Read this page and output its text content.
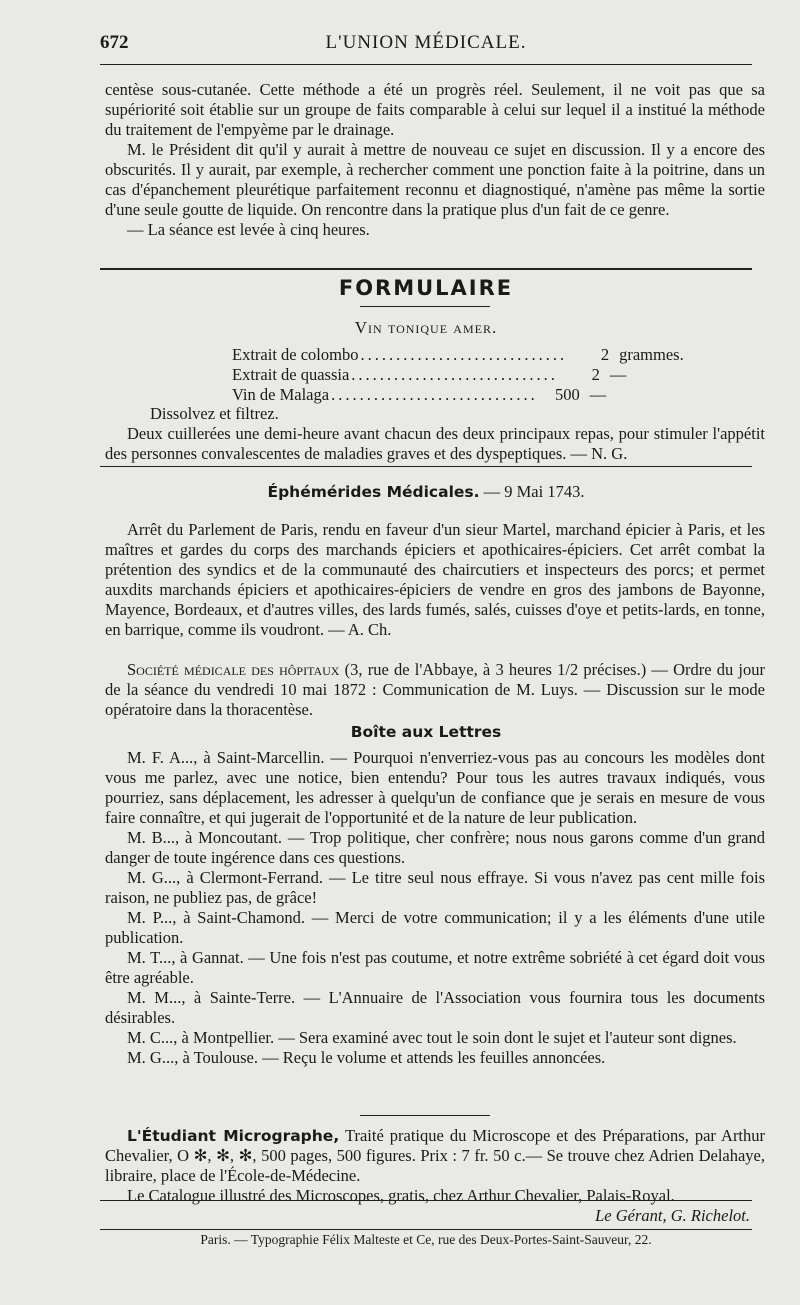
672	L'UNION MÉDICALE.

centèse sous-cutanée. Cette méthode a été un progrès réel. Seulement, il ne voit pas que sa supériorité soit établie sur un groupe de faits comparable à celui sur lequel il a institué la méthode du traitement de l'empyème par le drainage.

M. le Président dit qu'il y aurait à mettre de nouveau ce sujet en discussion. Il y a encore des obscurités. Il y aurait, par exemple, à rechercher comment une ponction faite à la poitrine, dans un cas d'épanchement pleurétique parfaitement reconnu et diagnostiqué, n'amène pas même la sortie d'une seule goutte de liquide. On rencontre dans la pratique plus d'un fait de ce genre.

— La séance est levée à cinq heures.

FORMULAIRE
Vin tonique amer.
Extrait de colombo .............................	2 grammes.
Extrait de quassia .............................	2 —
Vin de Malaga .............................	500 —

Dissolvez et filtrez.

Deux cuillerées une demi-heure avant chacun des deux principaux repas, pour stimuler l'appétit des personnes convalescentes de maladies graves et des dyspeptiques. — N. G.

Éphémérides Médicales. — 9 Mai 1743.

Arrêt du Parlement de Paris, rendu en faveur d'un sieur Martel, marchand épicier à Paris, et les maîtres et gardes du corps des marchands épiciers et apothicaires-épiciers. Cet arrêt combat la prétention des syndics et de la communauté des chaircutiers et inspecteurs des porcs; et permet auxdits marchands épiciers et apothicaires-épiciers de vendre en gros des jambons de Bayonne, Mayence, Bordeaux, et d'autres villes, des lards fumés, salés, cuisses d'oye et petits-lards, en tonne, en barrique, comme ils voudront. — A. Ch.

Société médicale des hôpitaux (3, rue de l'Abbaye, à 3 heures 1/2 précises.) — Ordre du jour de la séance du vendredi 10 mai 1872 : Communication de M. Luys. — Discussion sur le mode opératoire dans la thoracentèse.

Boîte aux Lettres

M. F. A..., à Saint-Marcellin. — Pourquoi n'enverriez-vous pas au concours les modèles dont vous me parlez, avec une notice, bien entendu? Pour tous les autres travaux indiqués, vous pourriez, sans déplacement, les adresser à quelqu'un de confiance que je serais en mesure de vous faire connaître, et qui jugerait de l'opportunité et de la nature de leur publication.

M. B..., à Moncoutant. — Trop politique, cher confrère; nous nous garons comme d'un grand danger de toute ingérence dans ces questions.

M. G..., à Clermont-Ferrand. — Le titre seul nous effraye. Si vous n'avez pas cent mille fois raison, ne publiez pas, de grâce!

M. P..., à Saint-Chamond. — Merci de votre communication; il y a les éléments d'une utile publication.

M. T..., à Gannat. — Une fois n'est pas coutume, et notre extrême sobriété à cet égard doit vous être agréable.

M. M..., à Sainte-Terre. — L'Annuaire de l'Association vous fournira tous les documents désirables.

M. C..., à Montpellier. — Sera examiné avec tout le soin dont le sujet et l'auteur sont dignes.

M. G..., à Toulouse. — Reçu le volume et attends les feuilles annoncées.

L'Étudiant Micrographe, Traité pratique du Microscope et des Préparations, par Arthur Chevalier, O ✻, ✻, ✻, 500 pages, 500 figures. Prix : 7 fr. 50 c.— Se trouve chez Adrien Delahaye, libraire, place de l'École-de-Médecine.

Le Catalogue illustré des Microscopes, gratis, chez Arthur Chevalier, Palais-Royal.

Le Gérant, G. Richelot.
Paris. — Typographie Félix Malteste et Ce, rue des Deux-Portes-Saint-Sauveur, 22.
